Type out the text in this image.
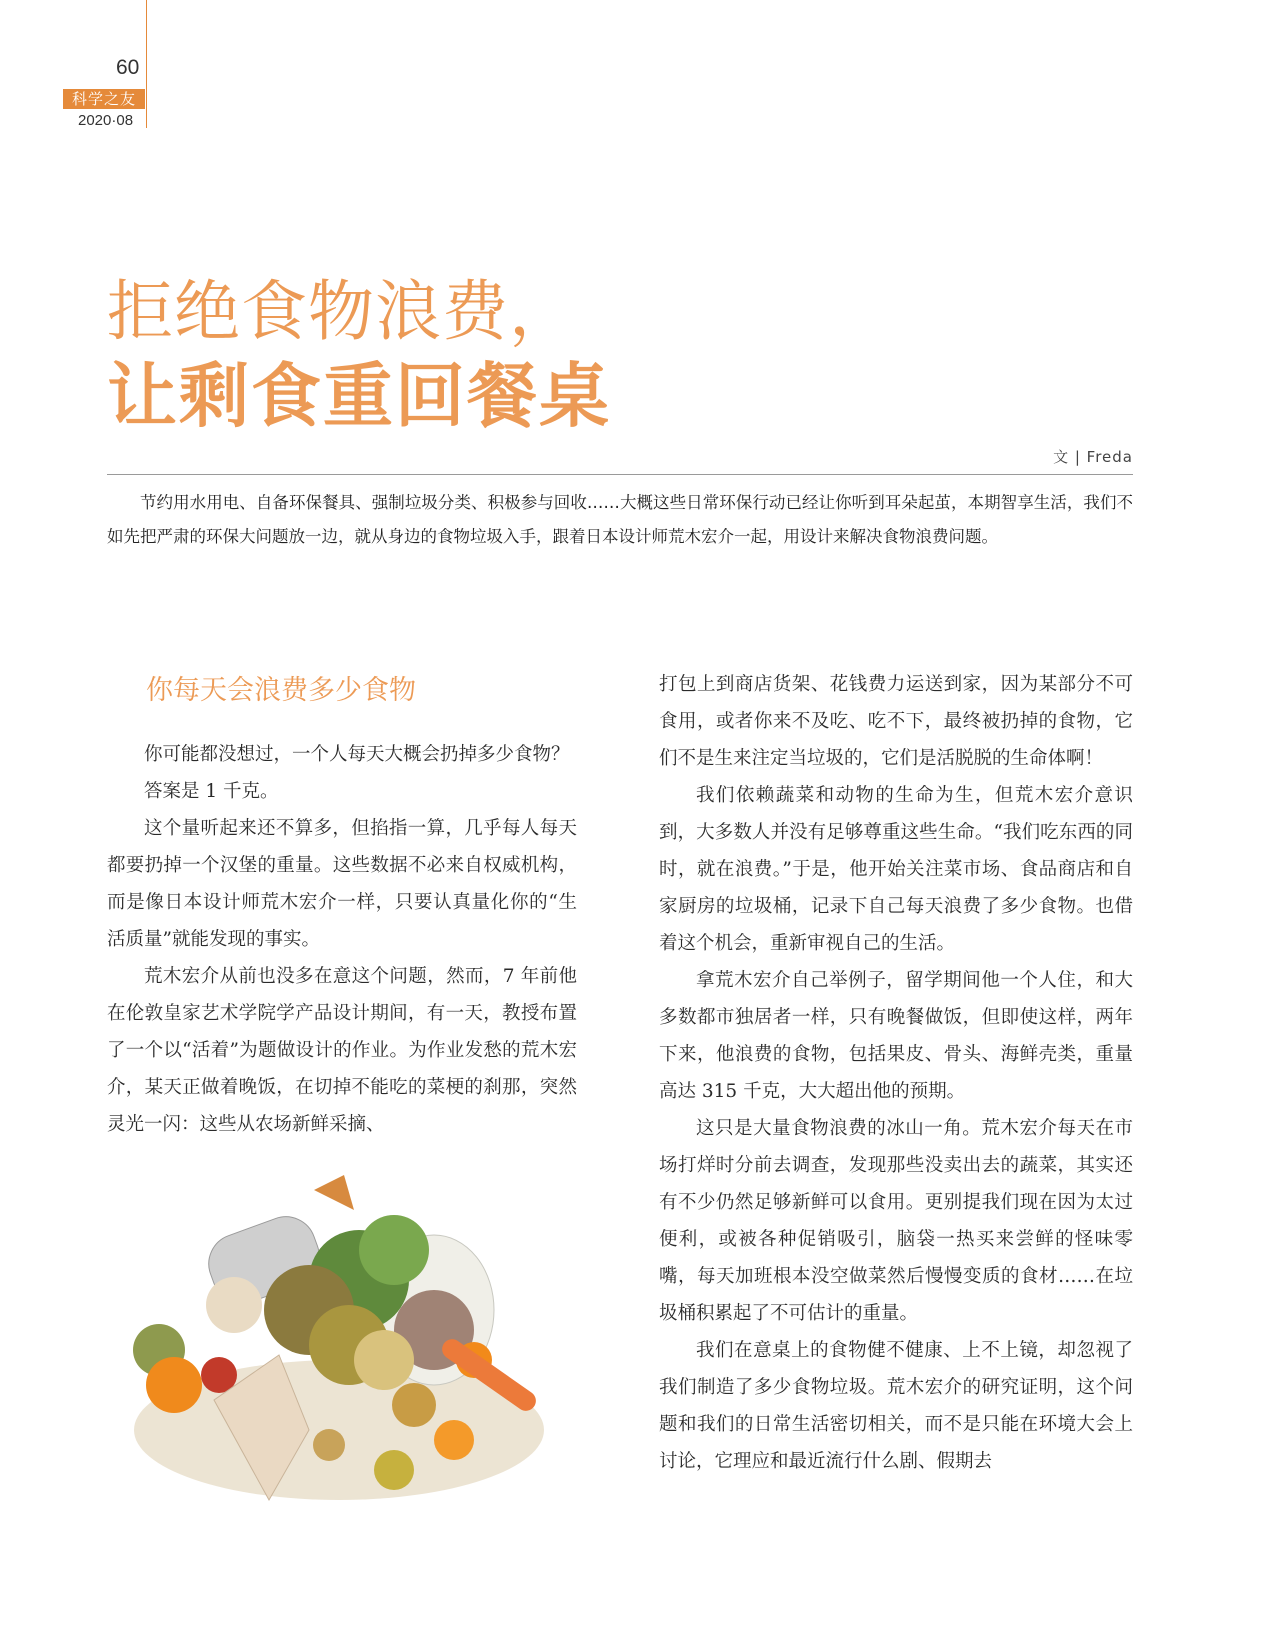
60
科学之友
2020·08
拒绝食物浪费，
让剩食重回餐桌
文 | Freda

节约用水用电、自备环保餐具、强制垃圾分类、积极参与回收……大概这些日常环保行动已经让你听到耳朵起茧，本期智享生活，我们不如先把严肃的环保大问题放一边，就从身边的食物垃圾入手，跟着日本设计师荒木宏介一起，用设计来解决食物浪费问题。

你每天会浪费多少食物

你可能都没想过，一个人每天大概会扔掉多少食物？

答案是 1 千克。

这个量听起来还不算多，但掐指一算，几乎每人每天都要扔掉一个汉堡的重量。这些数据不必来自权威机构，而是像日本设计师荒木宏介一样，只要认真量化你的“生活质量”就能发现的事实。

荒木宏介从前也没多在意这个问题，然而，7 年前他在伦敦皇家艺术学院学产品设计期间，有一天，教授布置了一个以“活着”为题做设计的作业。为作业发愁的荒木宏介，某天正做着晚饭，在切掉不能吃的菜梗的刹那，突然灵光一闪：这些从农场新鲜采摘、

打包上到商店货架、花钱费力运送到家，因为某部分不可食用，或者你来不及吃、吃不下，最终被扔掉的食物，它们不是生来注定当垃圾的，它们是活脱脱的生命体啊！

我们依赖蔬菜和动物的生命为生，但荒木宏介意识到，大多数人并没有足够尊重这些生命。“我们吃东西的同时，就在浪费。”于是，他开始关注菜市场、食品商店和自家厨房的垃圾桶，记录下自己每天浪费了多少食物。也借着这个机会，重新审视自己的生活。

拿荒木宏介自己举例子，留学期间他一个人住，和大多数都市独居者一样，只有晚餐做饭，但即使这样，两年下来，他浪费的食物，包括果皮、骨头、海鲜壳类，重量高达 315 千克，大大超出他的预期。

这只是大量食物浪费的冰山一角。荒木宏介每天在市场打烊时分前去调查，发现那些没卖出去的蔬菜，其实还有不少仍然足够新鲜可以食用。更别提我们现在因为太过便利，或被各种促销吸引，脑袋一热买来尝鲜的怪味零嘴，每天加班根本没空做菜然后慢慢变质的食材……在垃圾桶积累起了不可估计的重量。

我们在意桌上的食物健不健康、上不上镜，却忽视了我们制造了多少食物垃圾。荒木宏介的研究证明，这个问题和我们的日常生活密切相关，而不是只能在环境大会上讨论，它理应和最近流行什么剧、假期去
